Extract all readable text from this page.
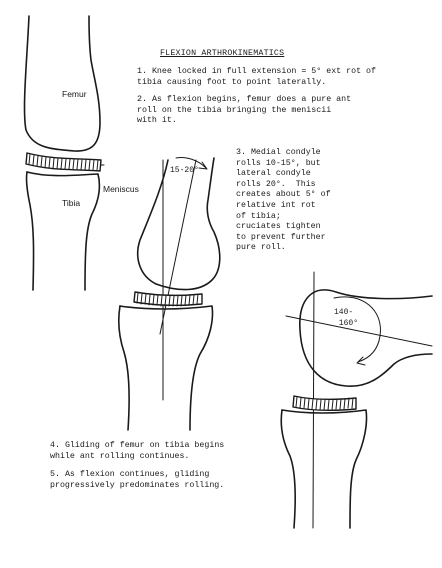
FLEXION ARTHROKINEMATICS
1. Knee locked in full extension = 5° ext rot of
tibia causing foot to point laterally.
2. As flexion begins, femur does a pure ant
roll on the tibia bringing the meniscii
with it.
3. Medial condyle
rolls 10-15°, but
lateral condyle
rolls 20°.  This
creates about 5° of
relative int rot
of tibia;
cruciates tighten
to prevent further
pure roll.
4. Gliding of femur on tibia begins
while ant rolling continues.
5. As flexion continues, gliding
progressively predominates rolling.
Femur
Meniscus
Tibia
15-20°
140-
160°
